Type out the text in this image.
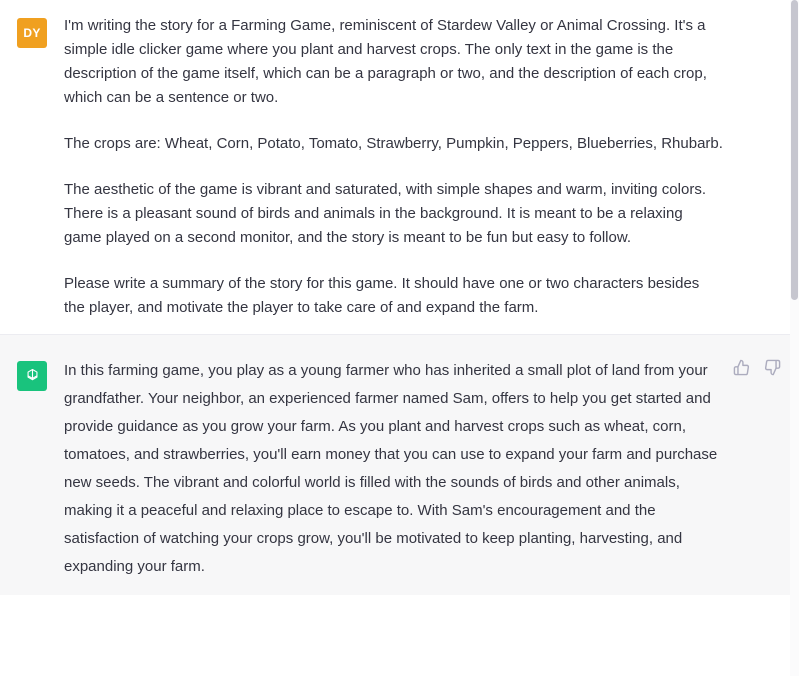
DY	I'm writing the story for a Farming Game, reminiscent of Stardew Valley or Animal Crossing. It's a simple idle clicker game where you plant and harvest crops. The only text in the game is the description of the game itself, which can be a paragraph or two, and the description of each crop, which can be a sentence or two.

The crops are: Wheat, Corn, Potato, Tomato, Strawberry, Pumpkin, Peppers, Blueberries, Rhubarb.

The aesthetic of the game is vibrant and saturated, with simple shapes and warm, inviting colors. There is a pleasant sound of birds and animals in the background. It is meant to be a relaxing game played on a second monitor, and the story is meant to be fun but easy to follow.

Please write a summary of the story for this game. It should have one or two characters besides the player, and motivate the player to take care of and expand the farm.

In this farming game, you play as a young farmer who has inherited a small plot of land from your grandfather. Your neighbor, an experienced farmer named Sam, offers to help you get started and provide guidance as you grow your farm. As you plant and harvest crops such as wheat, corn, tomatoes, and strawberries, you'll earn money that you can use to expand your farm and purchase new seeds. The vibrant and colorful world is filled with the sounds of birds and other animals, making it a peaceful and relaxing place to escape to. With Sam's encouragement and the satisfaction of watching your crops grow, you'll be motivated to keep planting, harvesting, and expanding your farm.
